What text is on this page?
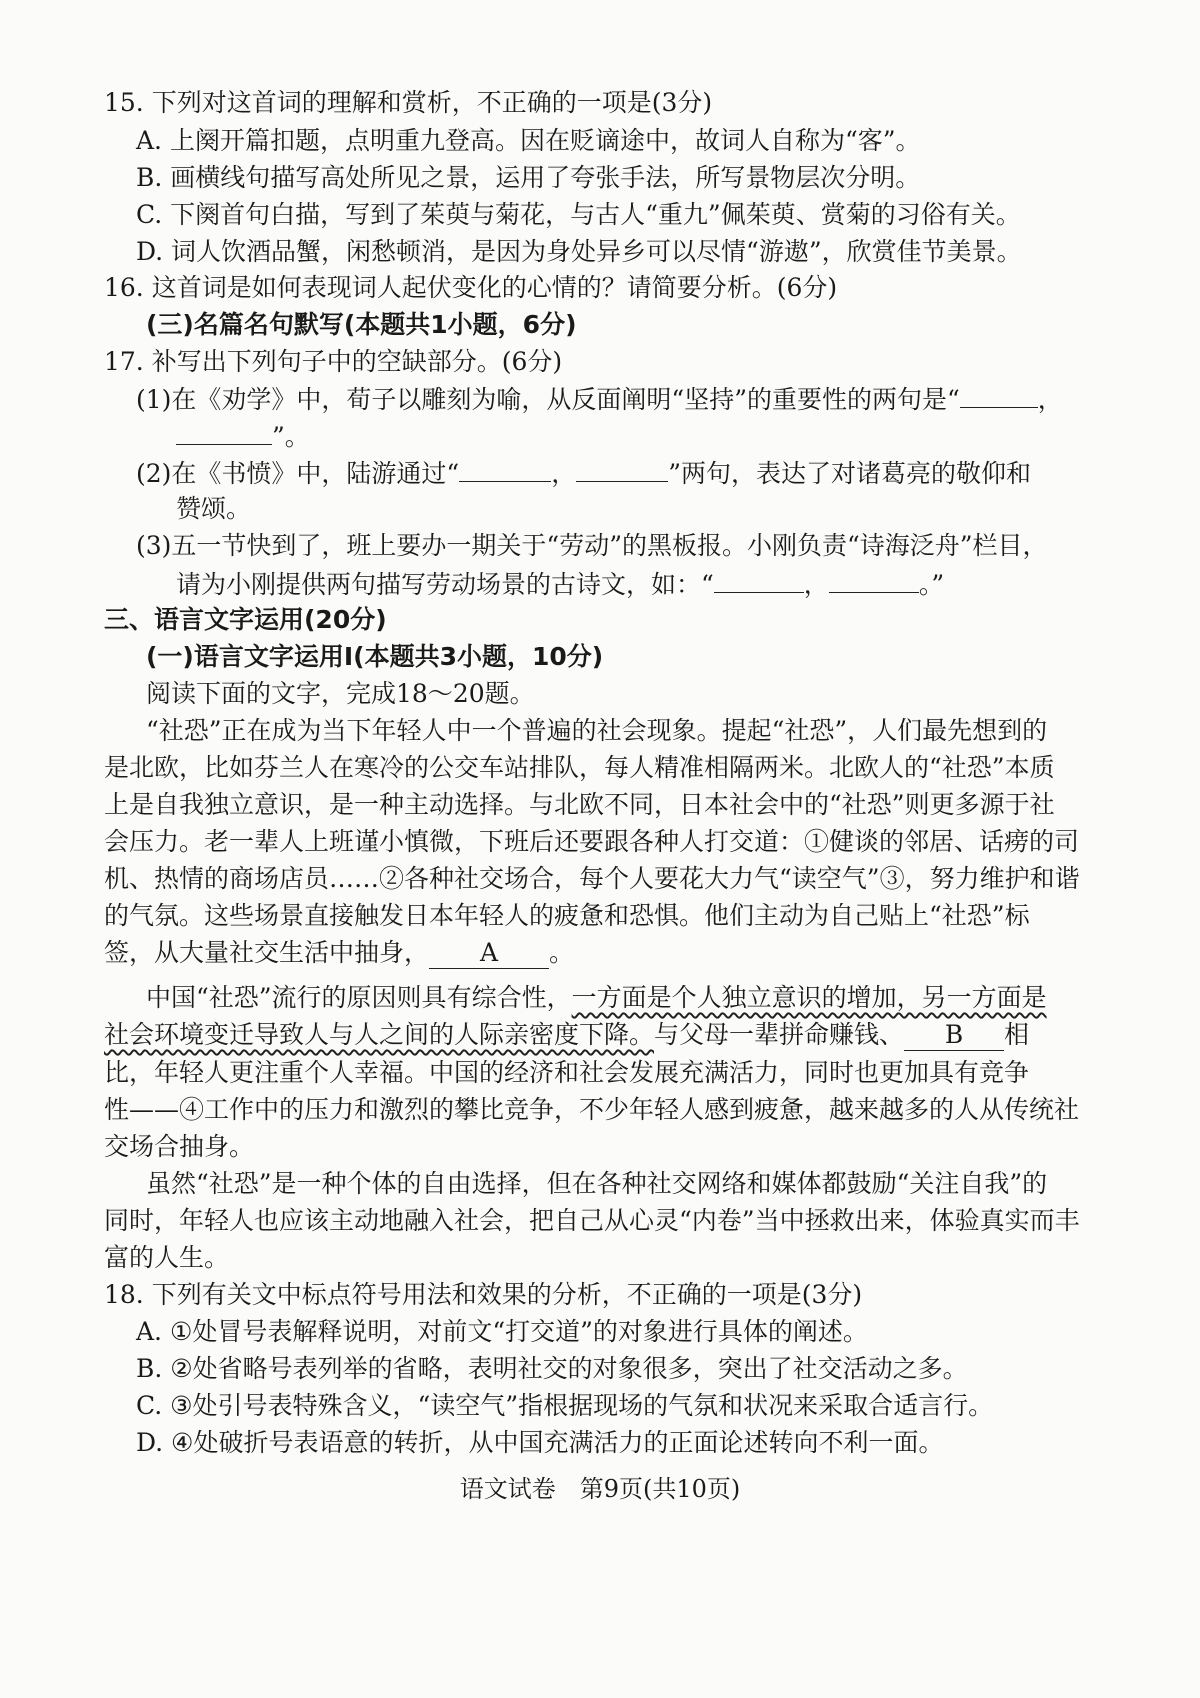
15. 下列对这首词的理解和赏析，不正确的一项是(3分)
A. 上阕开篇扣题，点明重九登高。因在贬谪途中，故词人自称为“客”。
B. 画横线句描写高处所见之景，运用了夸张手法，所写景物层次分明。
C. 下阕首句白描，写到了茱萸与菊花，与古人“重九”佩茱萸、赏菊的习俗有关。
D. 词人饮酒品蟹，闲愁顿消，是因为身处异乡可以尽情“游遨”，欣赏佳节美景。
16. 这首词是如何表现词人起伏变化的心情的？请简要分析。(6分)
(三)名篇名句默写(本题共1小题，6分)
17. 补写出下列句子中的空缺部分。(6分)
(1)在《劝学》中，荀子以雕刻为喻，从反面阐明“坚持”的重要性的两句是“	，
”。
(2)在《书愤》中，陆游通过“	，	”两句，表达了对诸葛亮的敬仰和
赞颂。
(3)五一节快到了，班上要办一期关于“劳动”的黑板报。小刚负责“诗海泛舟”栏目，
请为小刚提供两句描写劳动场景的古诗文，如：“	，	。”
三、语言文字运用(20分)
(一)语言文字运用Ⅰ(本题共3小题，10分)
阅读下面的文字，完成18～20题。
“社恐”正在成为当下年轻人中一个普遍的社会现象。提起“社恐”，人们最先想到的
是北欧，比如芬兰人在寒冷的公交车站排队，每人精准相隔两米。北欧人的“社恐”本质
上是自我独立意识，是一种主动选择。与北欧不同，日本社会中的“社恐”则更多源于社
会压力。老一辈人上班谨小慎微，下班后还要跟各种人打交道：①健谈的邻居、话痨的司
机、热情的商场店员……②各种社交场合，每个人要花大力气“读空气”③，努力维护和谐
的气氛。这些场景直接触发日本年轻人的疲惫和恐惧。他们主动为自己贴上“社恐”标
签，从大量社交生活中抽身， A 。
中国“社恐”流行的原因则具有综合性，一方面是个人独立意识的增加，另一方面是
社会环境变迁导致人与人之间的人际亲密度下降。与父母一辈拼命赚钱、 B 相
比，年轻人更注重个人幸福。中国的经济和社会发展充满活力，同时也更加具有竞争
性——④工作中的压力和激烈的攀比竞争，不少年轻人感到疲惫，越来越多的人从传统社
交场合抽身。
虽然“社恐”是一种个体的自由选择，但在各种社交网络和媒体都鼓励“关注自我”的
同时，年轻人也应该主动地融入社会，把自己从心灵“内卷”当中拯救出来，体验真实而丰
富的人生。
18. 下列有关文中标点符号用法和效果的分析，不正确的一项是(3分)
A. ①处冒号表解释说明，对前文“打交道”的对象进行具体的阐述。
B. ②处省略号表列举的省略，表明社交的对象很多，突出了社交活动之多。
C. ③处引号表特殊含义，“读空气”指根据现场的气氛和状况来采取合适言行。
D. ④处破折号表语意的转折，从中国充满活力的正面论述转向不利一面。
语文试卷　第9页(共10页)
